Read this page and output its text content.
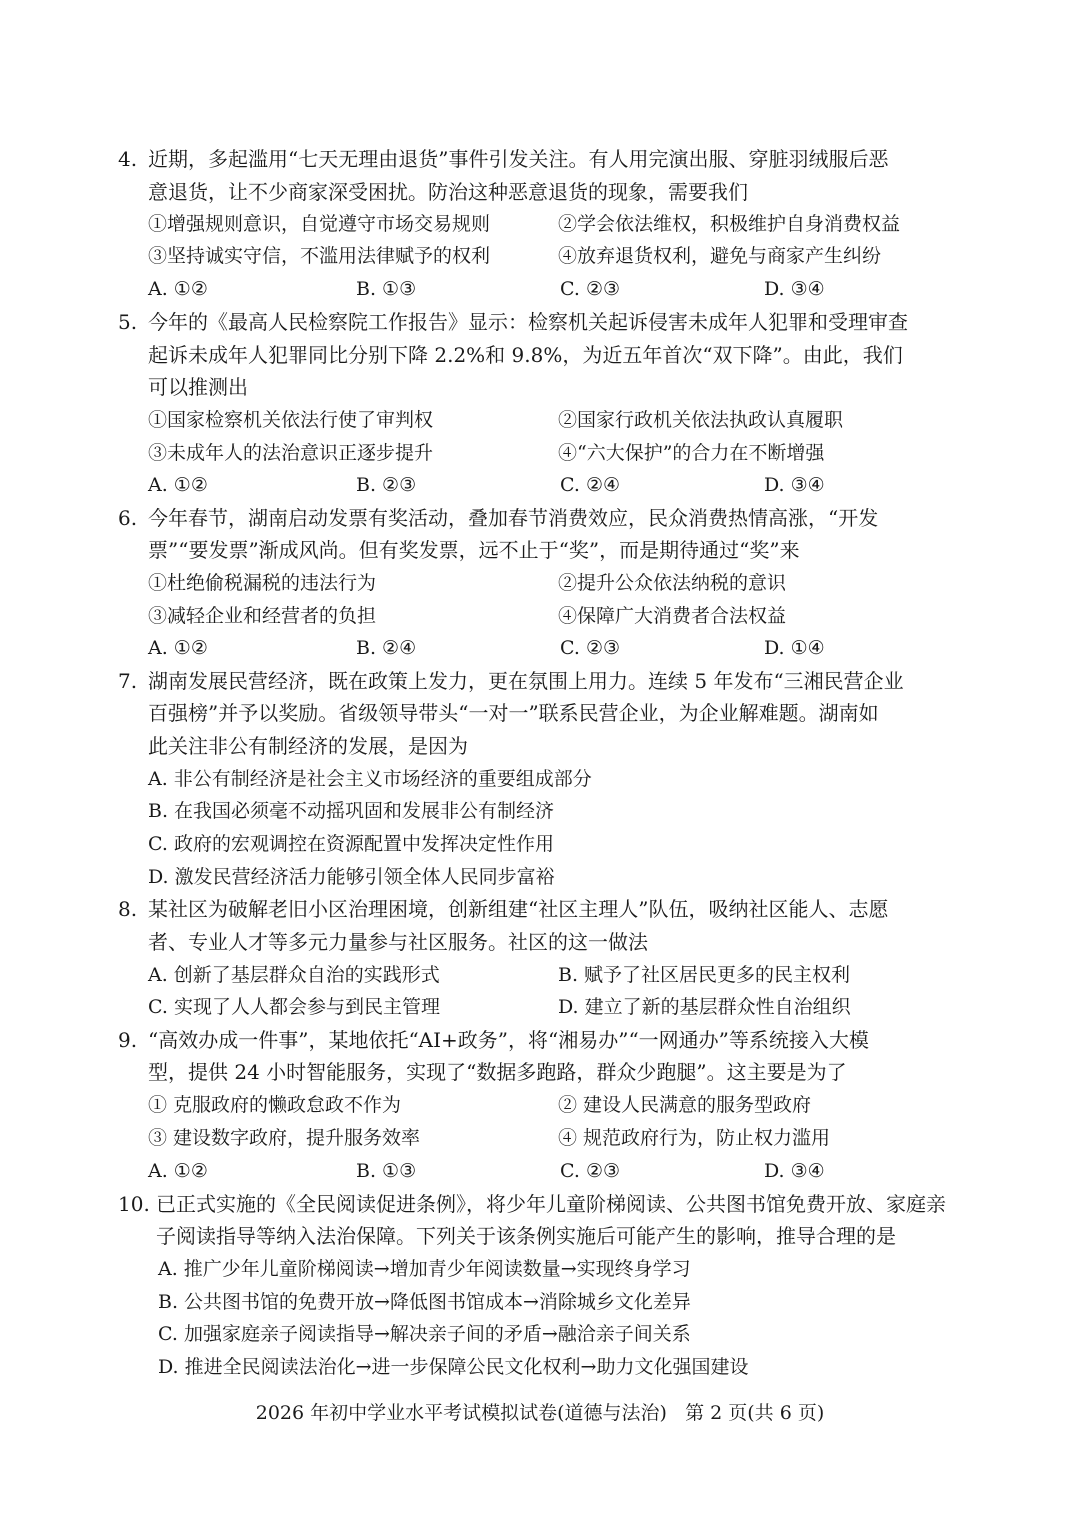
4. 近期，多起滥用“七天无理由退货”事件引发关注。有人用完演出服、穿脏羽绒服后恶
意退货，让不少商家深受困扰。防治这种恶意退货的现象，需要我们
①增强规则意识，自觉遵守市场交易规则	②学会依法维权，积极维护自身消费权益
③坚持诚实守信，不滥用法律赋予的权利	④放弃退货权利，避免与商家产生纠纷
A. ①②	B. ①③	C. ②③	D. ③④
5. 今年的《最高人民检察院工作报告》显示：检察机关起诉侵害未成年人犯罪和受理审查
起诉未成年人犯罪同比分别下降 2.2%和 9.8%，为近五年首次“双下降”。由此，我们
可以推测出
①国家检察机关依法行使了审判权	②国家行政机关依法执政认真履职
③未成年人的法治意识正逐步提升	④“六大保护”的合力在不断增强
A. ①②	B. ②③	C. ②④	D. ③④
6. 今年春节，湖南启动发票有奖活动，叠加春节消费效应，民众消费热情高涨，“开发
票”“要发票”渐成风尚。但有奖发票，远不止于“奖”，而是期待通过“奖”来
①杜绝偷税漏税的违法行为	②提升公众依法纳税的意识
③减轻企业和经营者的负担	④保障广大消费者合法权益
A. ①②	B. ②④	C. ②③	D. ①④
7. 湖南发展民营经济，既在政策上发力，更在氛围上用力。连续 5 年发布“三湘民营企业
百强榜”并予以奖励。省级领导带头“一对一”联系民营企业，为企业解难题。湖南如
此关注非公有制经济的发展，是因为
A. 非公有制经济是社会主义市场经济的重要组成部分
B. 在我国必须毫不动摇巩固和发展非公有制经济
C. 政府的宏观调控在资源配置中发挥决定性作用
D. 激发民营经济活力能够引领全体人民同步富裕
8. 某社区为破解老旧小区治理困境，创新组建“社区主理人”队伍，吸纳社区能人、志愿
者、专业人才等多元力量参与社区服务。社区的这一做法
A. 创新了基层群众自治的实践形式	B. 赋予了社区居民更多的民主权利
C. 实现了人人都会参与到民主管理	D. 建立了新的基层群众性自治组织
9. “高效办成一件事”，某地依托“AI+政务”，将“湘易办”“一网通办”等系统接入大模
型，提供 24 小时智能服务，实现了“数据多跑路，群众少跑腿”。这主要是为了
① 克服政府的懒政怠政不作为	② 建设人民满意的服务型政府
③ 建设数字政府，提升服务效率	④ 规范政府行为，防止权力滥用
A. ①②	B. ①③	C. ②③	D. ③④
10. 已正式实施的《全民阅读促进条例》，将少年儿童阶梯阅读、公共图书馆免费开放、家庭亲
子阅读指导等纳入法治保障。下列关于该条例实施后可能产生的影响，推导合理的是
A. 推广少年儿童阶梯阅读→增加青少年阅读数量→实现终身学习
B. 公共图书馆的免费开放→降低图书馆成本→消除城乡文化差异
C. 加强家庭亲子阅读指导→解决亲子间的矛盾→融洽亲子间关系
D. 推进全民阅读法治化→进一步保障公民文化权利→助力文化强国建设
2026 年初中学业水平考试模拟试卷(道德与法治)   第 2 页(共 6 页)
